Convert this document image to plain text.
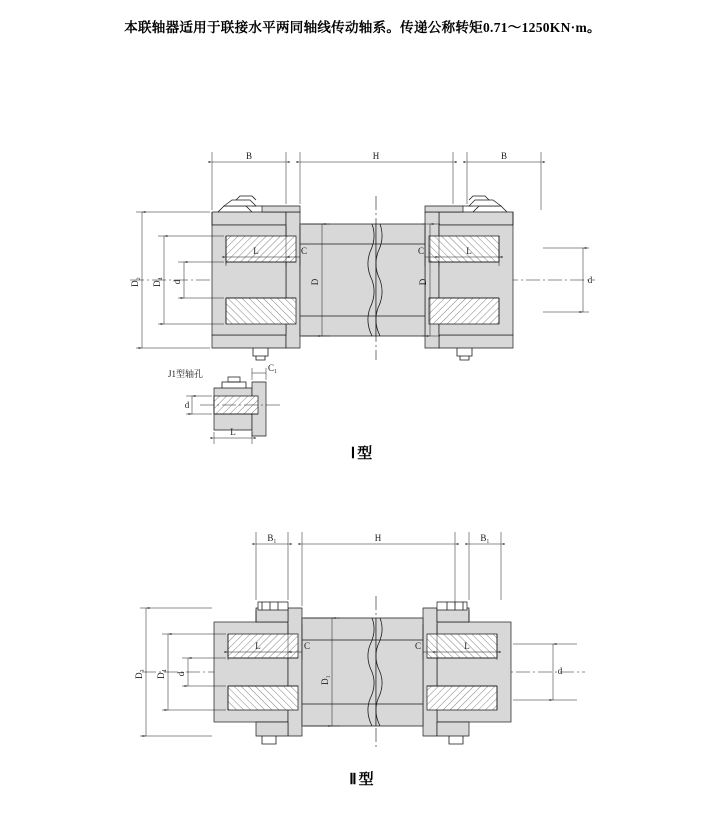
本联轴器适用于联接水平两同轴线传动轴系。传递公称转矩0.71～1250KN·m。
B	H	B
D₂ D₄ d	d
L	C
D	D
L
C
J1型轴孔
C₁
d
L
B₁	H	B₁
D₃ D₄ d	d
L	C	L
C
D₁
Ⅰ型
Ⅱ型
